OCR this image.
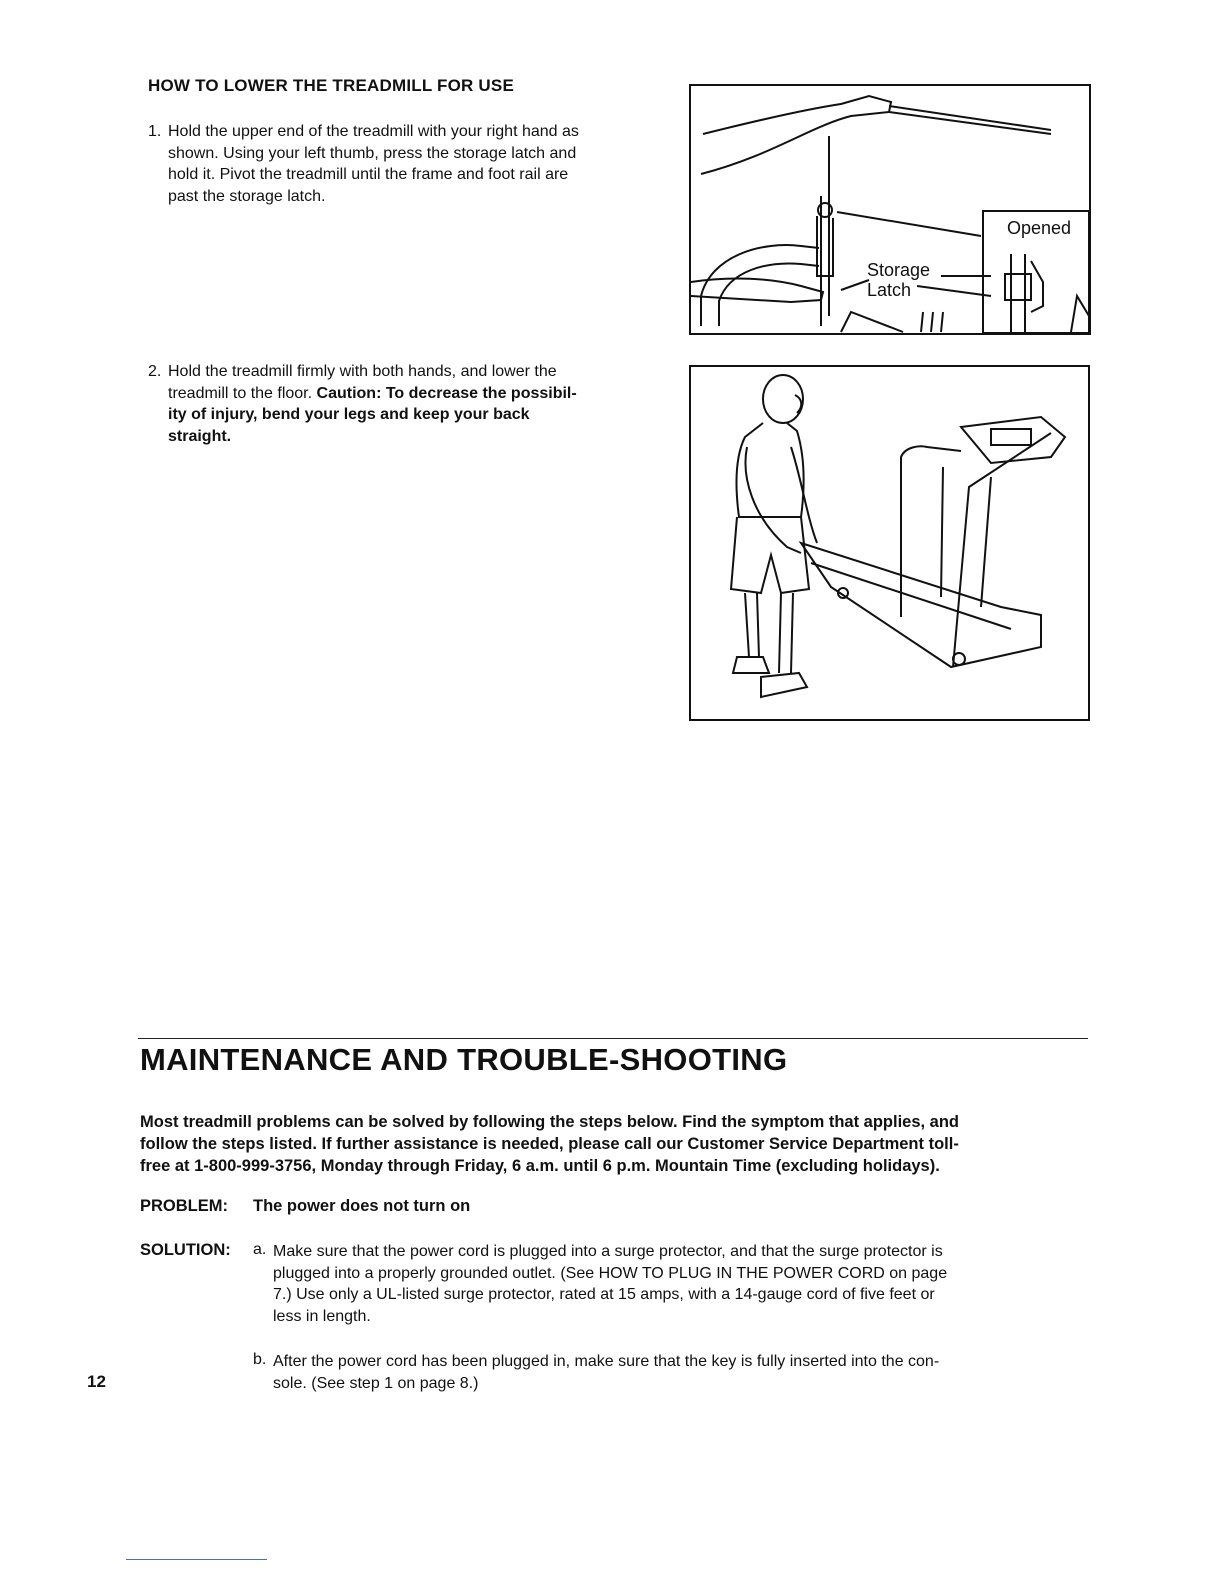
HOW TO LOWER THE TREADMILL FOR USE
1. Hold the upper end of the treadmill with your right hand as
shown. Using your left thumb, press the storage latch and
hold it. Pivot the treadmill until the frame and foot rail are
past the storage latch.
2. Hold the treadmill firmly with both hands, and lower the
treadmill to the floor. Caution: To decrease the possibil-
ity of injury, bend your legs and keep your back
straight.
Storage
Latch
Opened
MAINTENANCE AND TROUBLE-SHOOTING
Most treadmill problems can be solved by following the steps below. Find the symptom that applies, and
follow the steps listed. If further assistance is needed, please call our Customer Service Department toll-
free at 1-800-999-3756, Monday through Friday, 6 a.m. until 6 p.m. Mountain Time (excluding holidays).
PROBLEM: The power does not turn on
SOLUTION: a. Make sure that the power cord is plugged into a surge protector, and that the surge protector is
plugged into a properly grounded outlet. (See HOW TO PLUG IN THE POWER CORD on page
7.) Use only a UL-listed surge protector, rated at 15 amps, with a 14-gauge cord of five feet or
less in length.
b. After the power cord has been plugged in, make sure that the key is fully inserted into the con-
sole. (See step 1 on page 8.)
12
